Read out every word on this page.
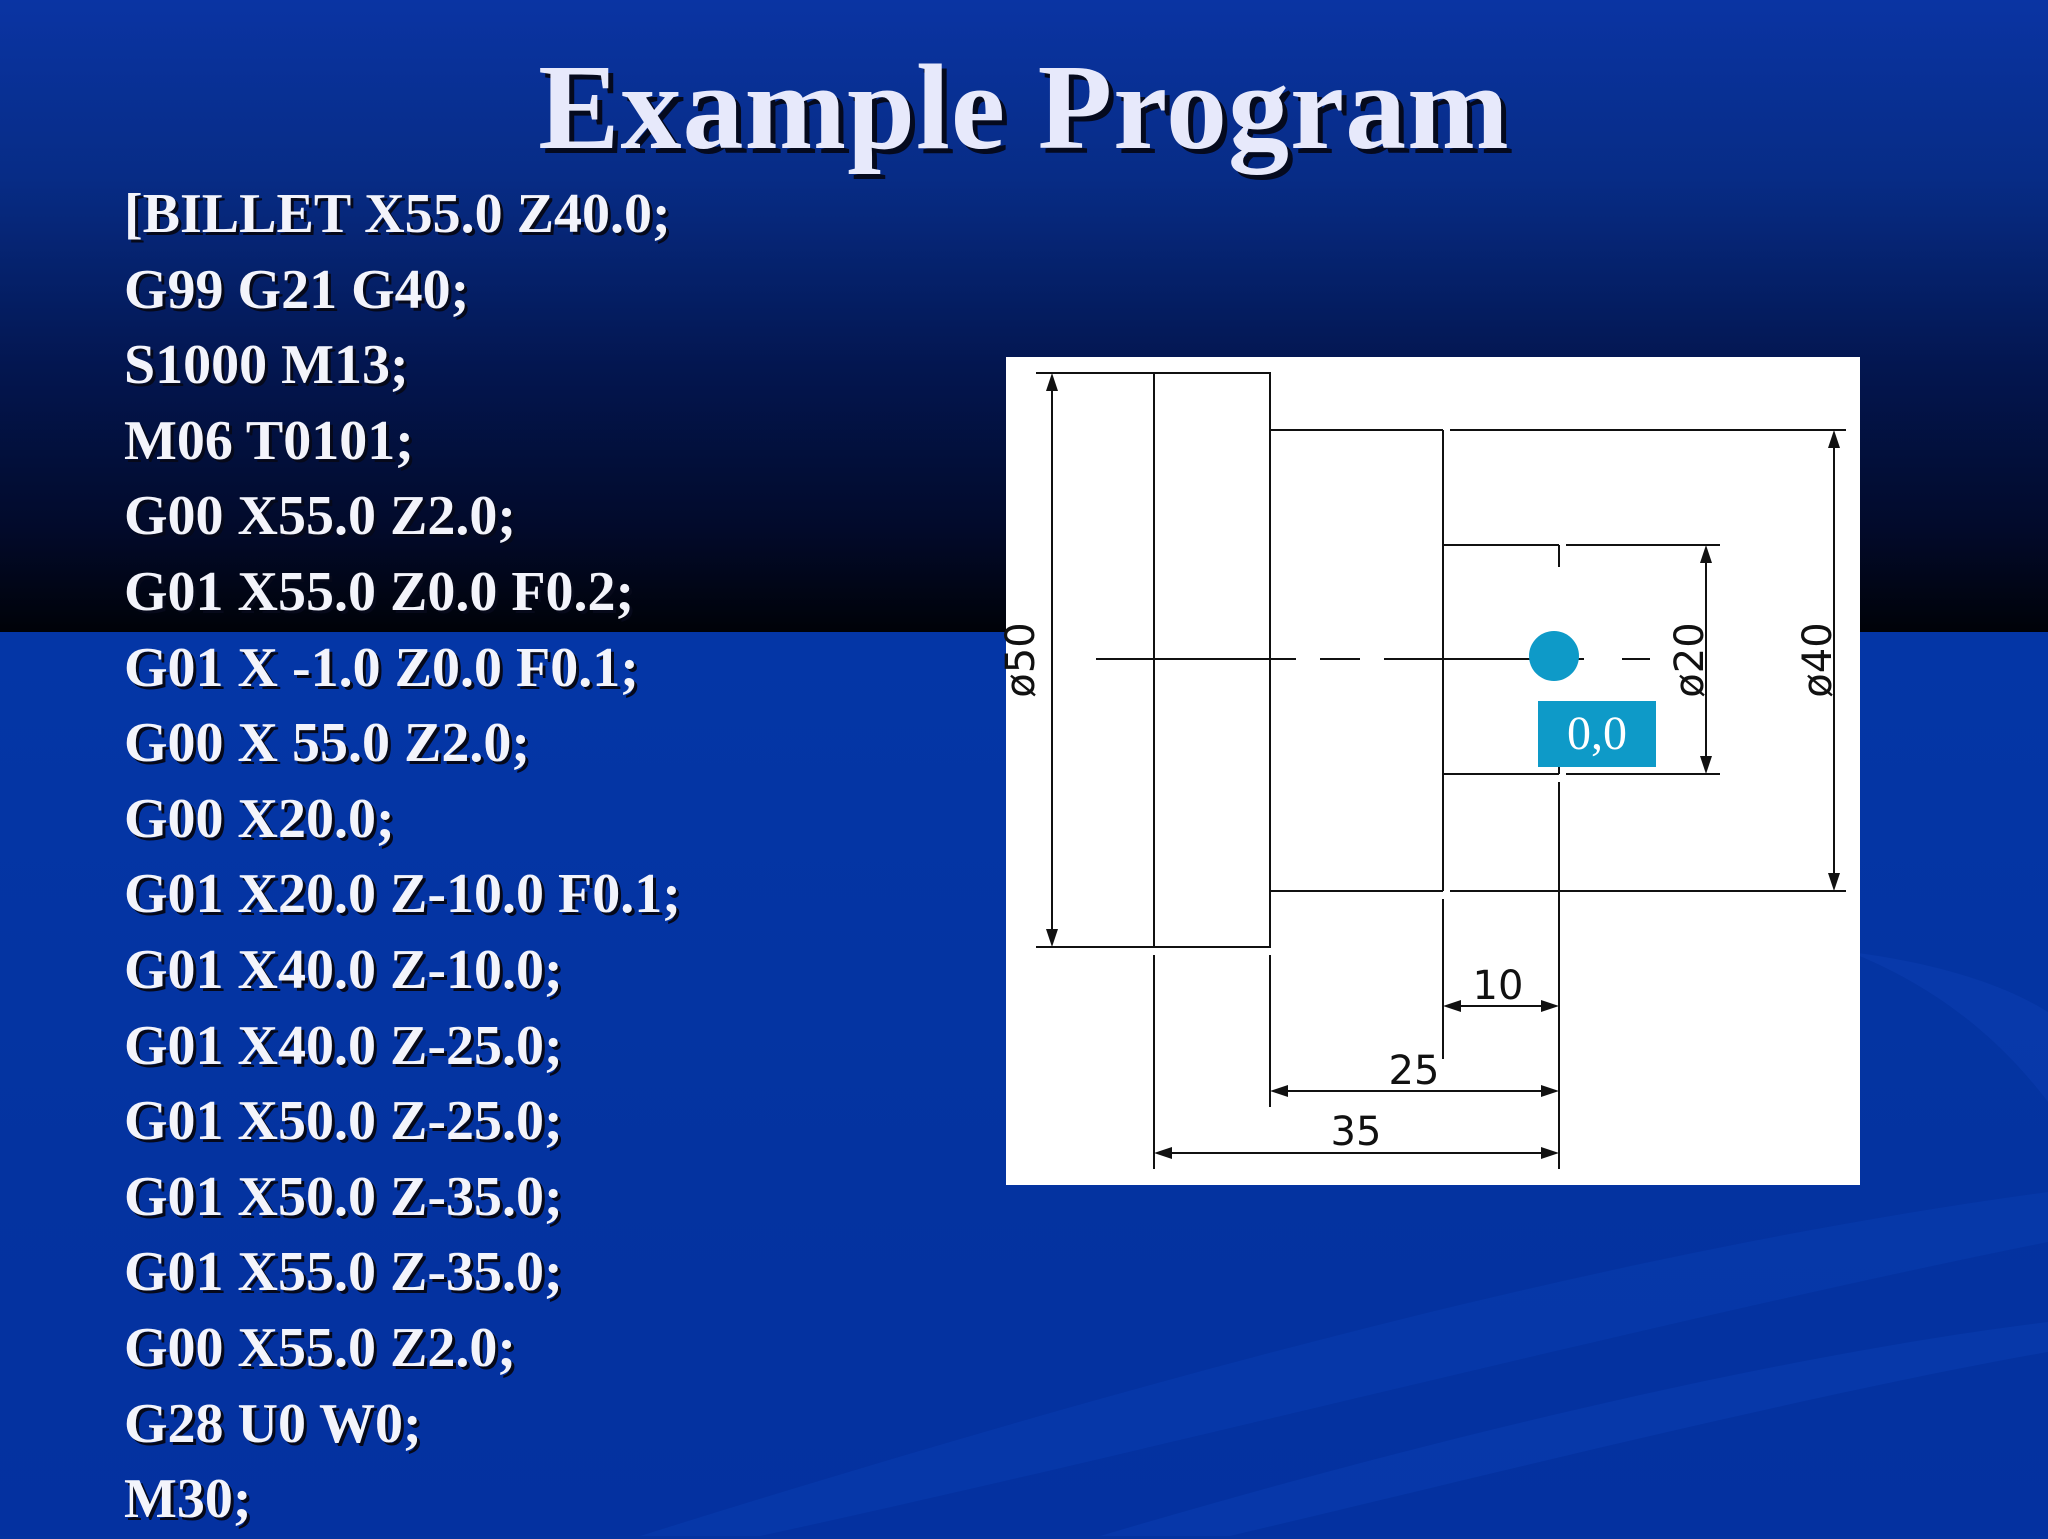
Example Program
[BILLET X55.0 Z40.0;
G99 G21 G40;
S1000 M13;
M06 T0101;
G00 X55.0 Z2.0;
G01 X55.0 Z0.0 F0.2;
G01 X -1.0 Z0.0 F0.1;
G00 X 55.0 Z2.0;
G00 X20.0;
G01 X20.0 Z-10.0 F0.1;
G01 X40.0 Z-10.0;
G01 X40.0 Z-25.0;
G01 X50.0 Z-25.0;
G01 X50.0 Z-35.0;
G01 X55.0 Z-35.0;
G00 X55.0 Z2.0;
G28 U0 W0;
M30;
ø50	ø20 ø40
10
25
35
0,0
